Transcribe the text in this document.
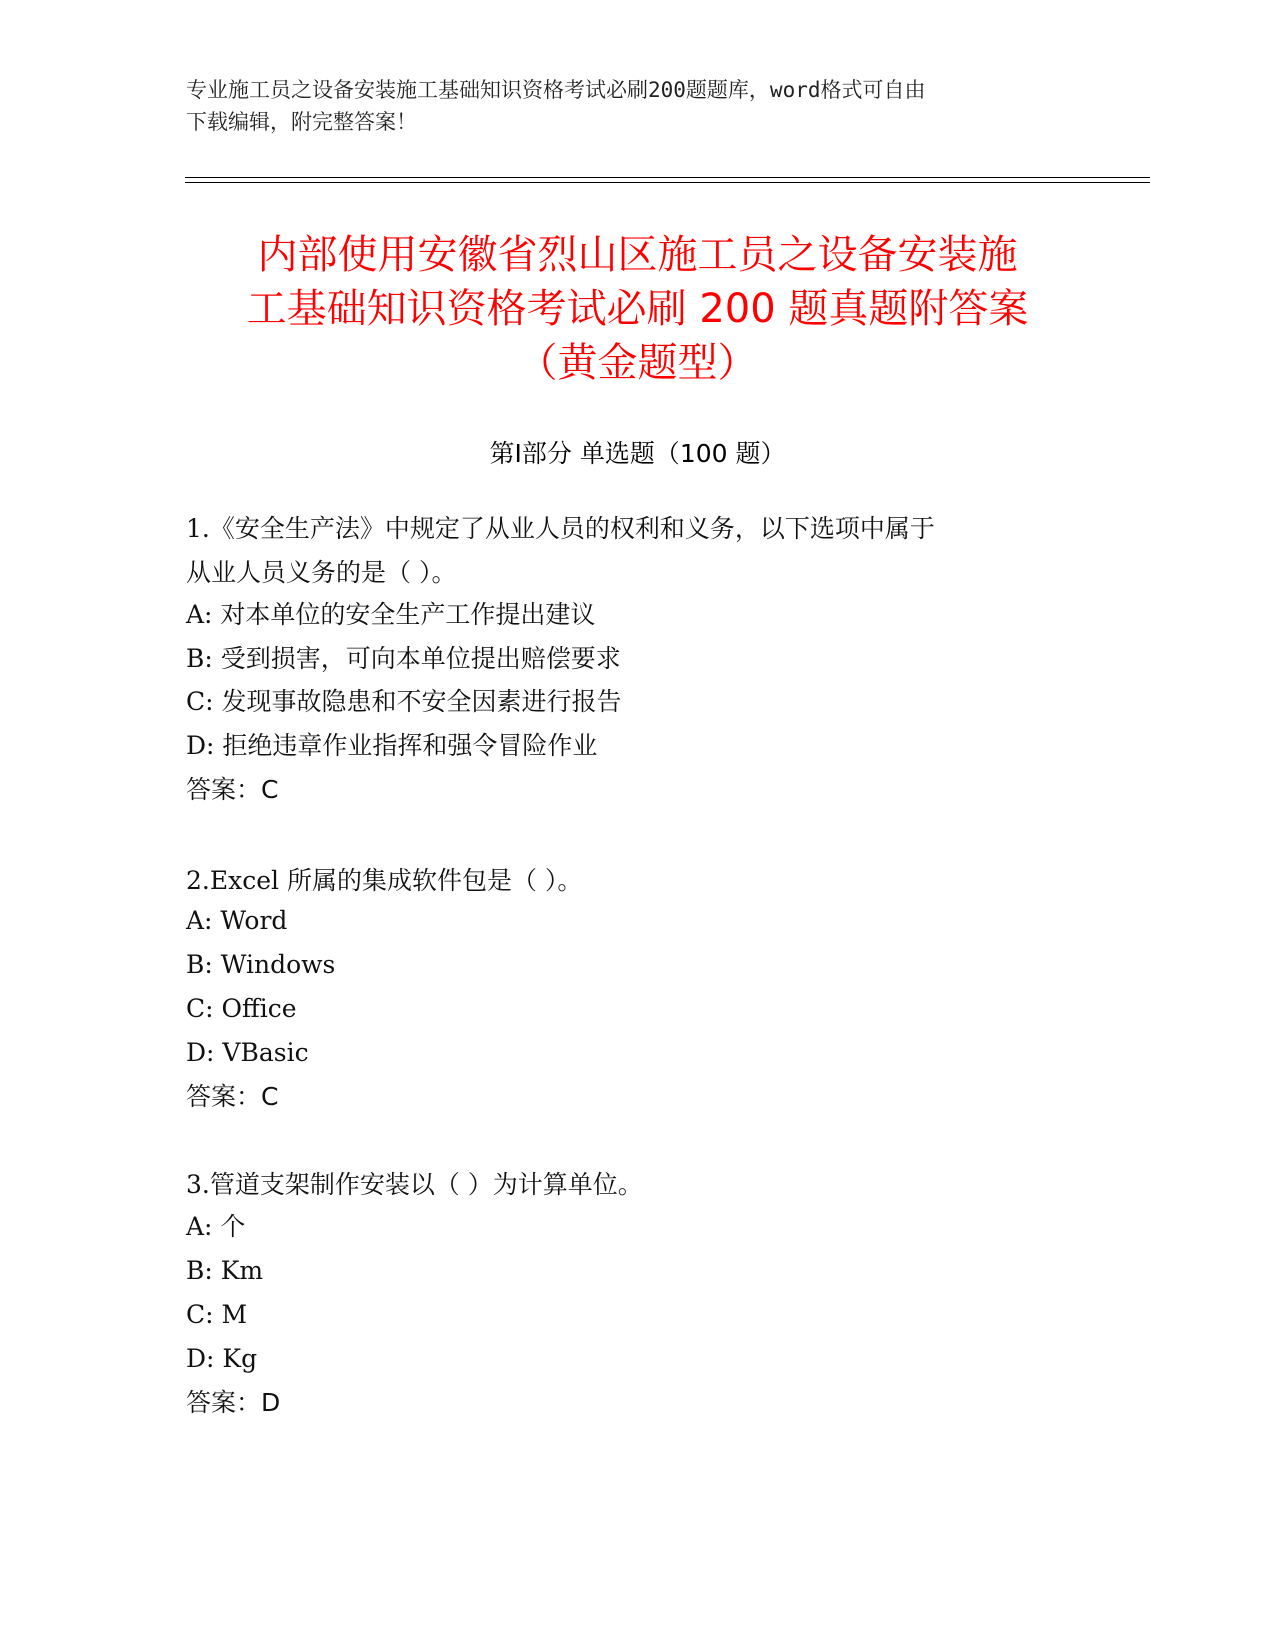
专业施工员之设备安装施工基础知识资格考试必刷200题题库，word格式可自由
下载编辑，附完整答案！
内部使用安徽省烈山区施工员之设备安装施
工基础知识资格考试必刷 200 题真题附答案
（黄金题型）
第Ⅰ部分 单选题（100 题）
1.《安全生产法》中规定了从业人员的权利和义务，以下选项中属于
从业人员义务的是（ ）。
A: 对本单位的安全生产工作提出建议
B: 受到损害，可向本单位提出赔偿要求
C: 发现事故隐患和不安全因素进行报告
D: 拒绝违章作业指挥和强令冒险作业
答案：C
2.Excel 所属的集成软件包是（ ）。
A: Word
B: Windows
C: Office
D: VBasic
答案：C
3.管道支架制作安装以（ ）为计算单位。
A: 个
B: Km
C: M
D: Kg
答案：D
